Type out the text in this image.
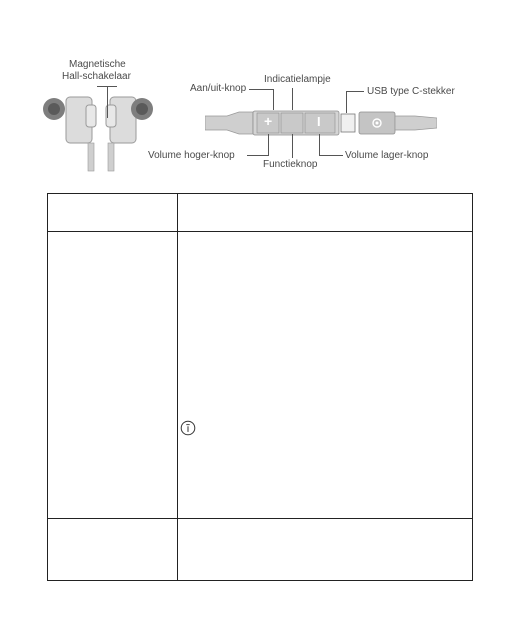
+	I
Magnetische
Hall-schakelaar
Aan/uit-knop
Indicatielampje
USB type C-stekker
Volume hoger-knop
Functieknop
Volume lager-knop
